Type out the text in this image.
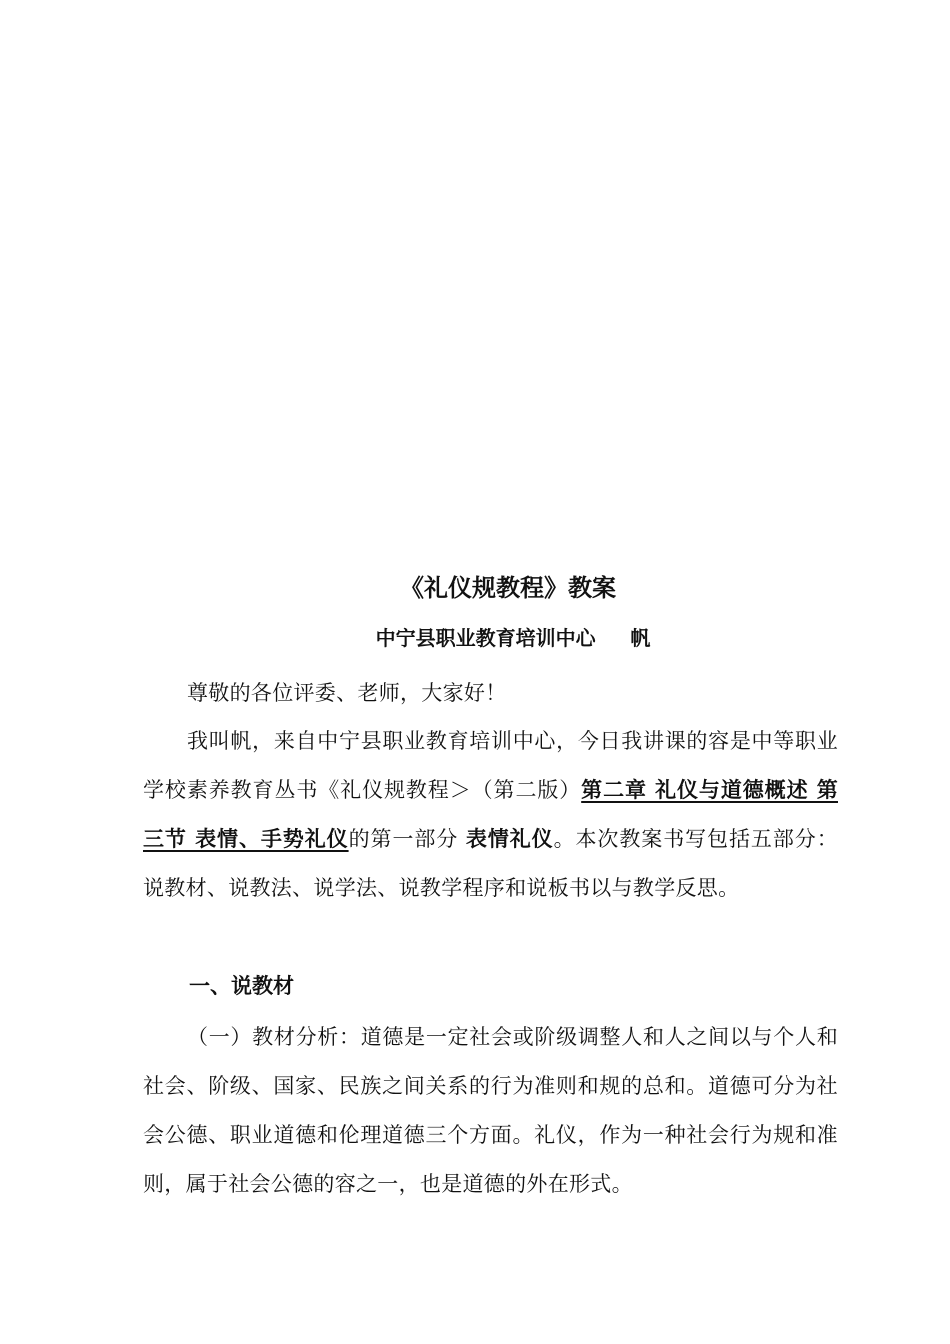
《礼仪规教程》教案
中宁县职业教育培训中心     帆

尊敬的各位评委、老师，大家好！

我叫帆，来自中宁县职业教育培训中心，今日我讲课的容是中等职业学校素养教育丛书《礼仪规教程＞（第二版）第二章 礼仪与道德概述 第三节 表情、手势礼仪的第一部分 表情礼仪。本次教案书写包括五部分：说教材、说教法、说学法、说教学程序和说板书以与教学反思。

一、说教材

（一）教材分析：道德是一定社会或阶级调整人和人之间以与个人和社会、阶级、国家、民族之间关系的行为准则和规的总和。道德可分为社会公德、职业道德和伦理道德三个方面。礼仪，作为一种社会行为规和准则，属于社会公德的容之一，也是道德的外在形式。
